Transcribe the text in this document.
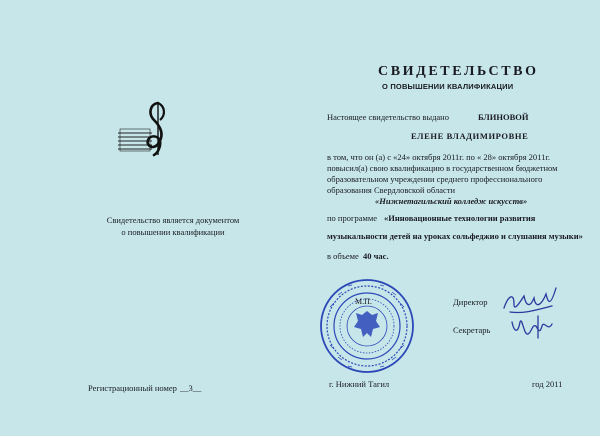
СВИДЕТЕЛЬСТВО
О ПОВЫШЕНИИ КВАЛИФИКАЦИИ
Настоящее свидетельство выдано	БЛИНОВОЙ
ЕЛЕНЕ ВЛАДИМИРОВНЕ
в том, что он (а) с «24» октября 2011г. по « 28» октября 2011г.
повысил(а) свою квалификацию в государственном бюджетном
образовательном учреждении среднего профессионального
образования Свердловской области
«Нижнетагильский колледж искусств»
по программе «Инновационные технологии развития
музыкальности детей на уроках сольфеджио и слушания музыки»
в объеме 40 час.
Свидетельство является документом
о повышении квалификации
М.П.	Директор
Секретарь
Регистрационный номер __3__	г. Нижний Тагил	год 2011
